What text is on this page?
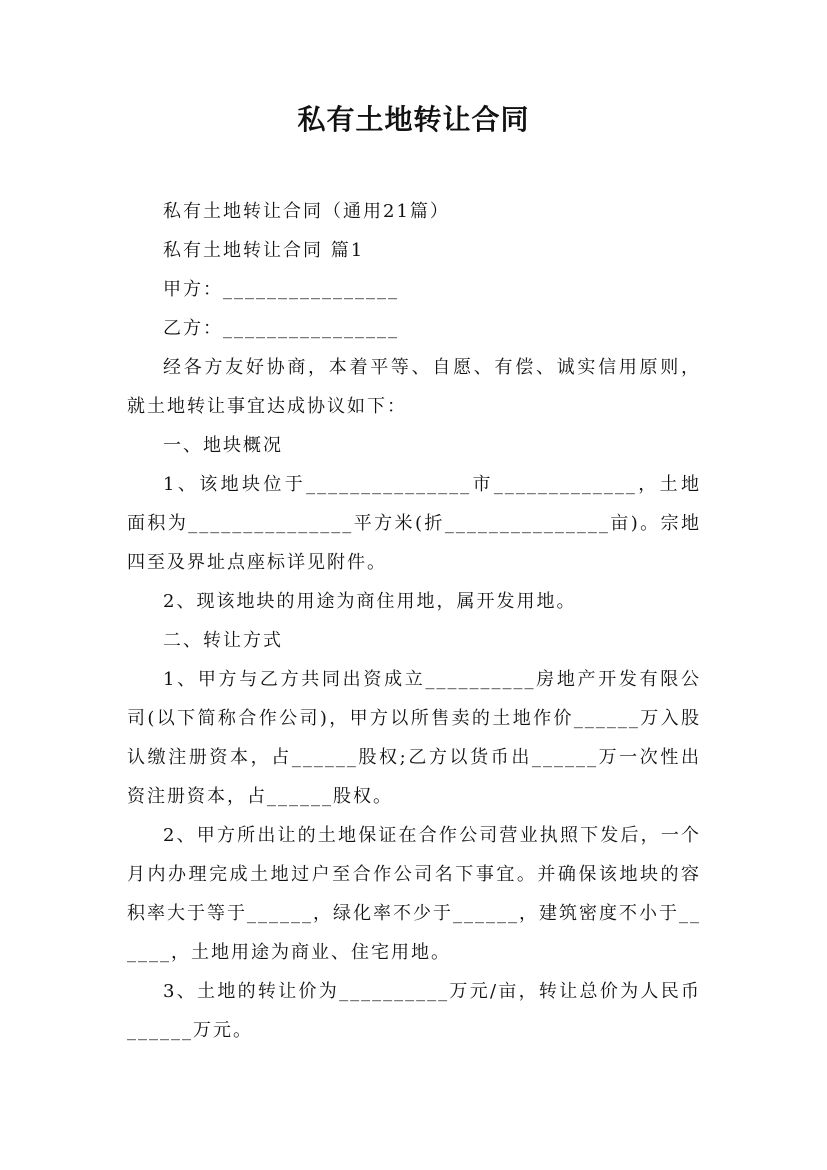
私有土地转让合同

私有土地转让合同（通用21篇）

私有土地转让合同 篇1

甲方：________________

乙方：________________

经各方友好协商，本着平等、自愿、有偿、诚实信用原则，就土地转让事宜达成协议如下：

一、地块概况

1、该地块位于_______________市_____________，土地面积为_______________平方米(折_______________亩)。宗地四至及界址点座标详见附件。

2、现该地块的用途为商住用地，属开发用地。

二、转让方式

1、甲方与乙方共同出资成立__________房地产开发有限公司(以下简称合作公司)，甲方以所售卖的土地作价______万入股认缴注册资本，占______股权;乙方以货币出______万一次性出资注册资本，占______股权。

2、甲方所出让的土地保证在合作公司营业执照下发后，一个月内办理完成土地过户至合作公司名下事宜。并确保该地块的容积率大于等于______，绿化率不少于______，建筑密度不小于______，土地用途为商业、住宅用地。

3、土地的转让价为__________万元/亩，转让总价为人民币______万元。
